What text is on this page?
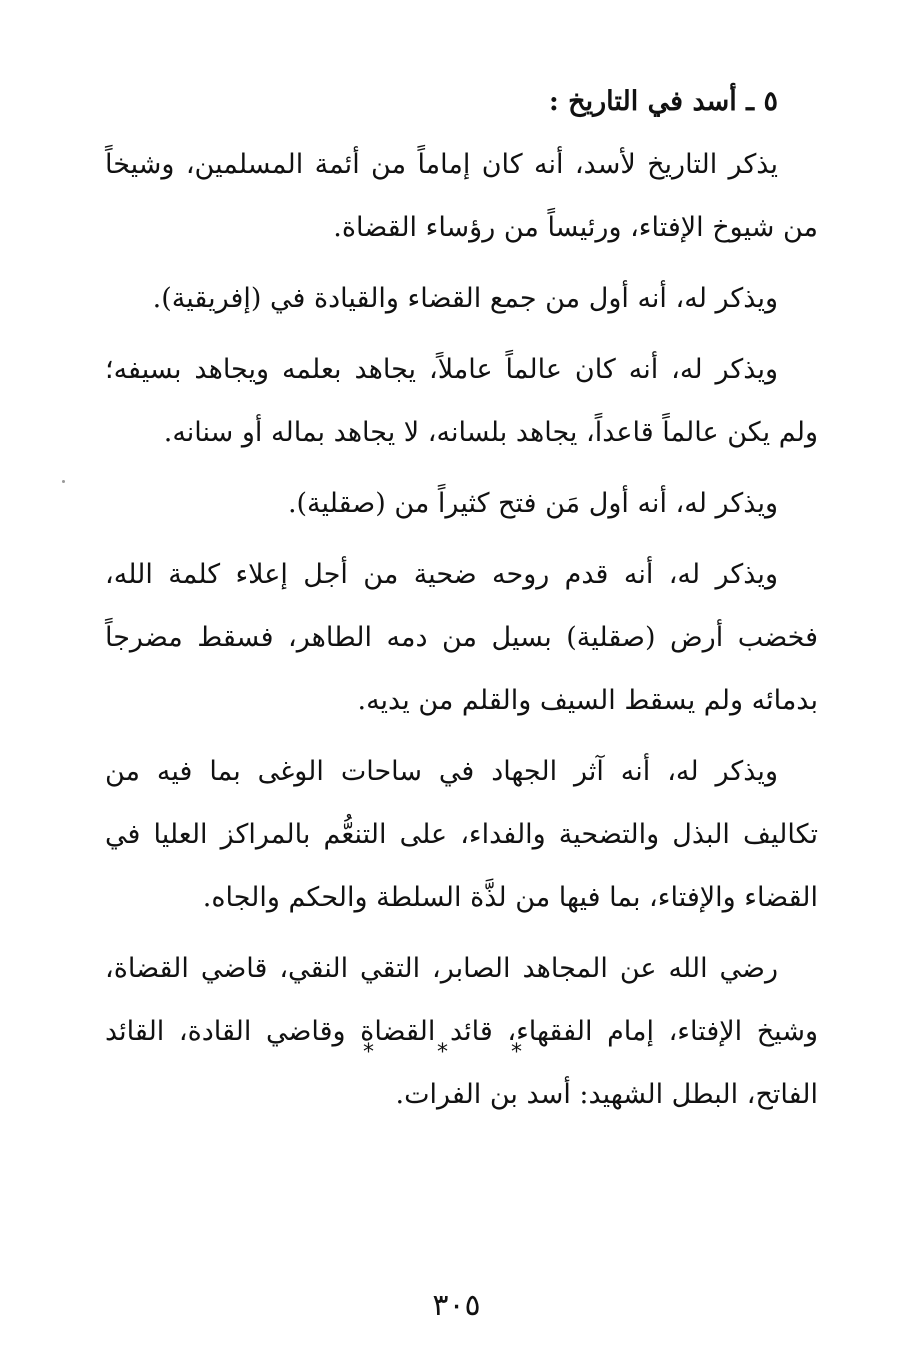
٥ ـ أسد في التاريخ :

يذكر التاريخ لأسد، أنه كان إماماً من أئمة المسلمين، وشيخاً من شيوخ الإفتاء، ورئيساً من رؤساء القضاة.

ويذكر له، أنه أول من جمع القضاء والقيادة في (إفريقية).

ويذكر له، أنه كان عالماً عاملاً، يجاهد بعلمه ويجاهد بسيفه؛ ولم يكن عالماً قاعداً، يجاهد بلسانه، لا يجاهد بماله أو سنانه.

ويذكر له، أنه أول مَن فتح كثيراً من (صقلية).

ويذكر له، أنه قدم روحه ضحية من أجل إعلاء كلمة الله، فخضب أرض (صقلية) بسيل من دمه الطاهر، فسقط مضرجاً بدمائه ولم يسقط السيف والقلم من يديه.

ويذكر له، أنه آثر الجهاد في ساحات الوغى بما فيه من تكاليف البذل والتضحية والفداء، على التنعُّم بالمراكز العليا في القضاء والإفتاء، بما فيها من لذَّة السلطة والحكم والجاه.

رضي الله عن المجاهد الصابر، التقي النقي، قاضي القضاة، وشيخ الإفتاء، إمام الفقهاء، قائد القضاة وقاضي القادة، القائد الفاتح، البطل الشهيد: أسد بن الفرات.

* * *
٣٠٥
